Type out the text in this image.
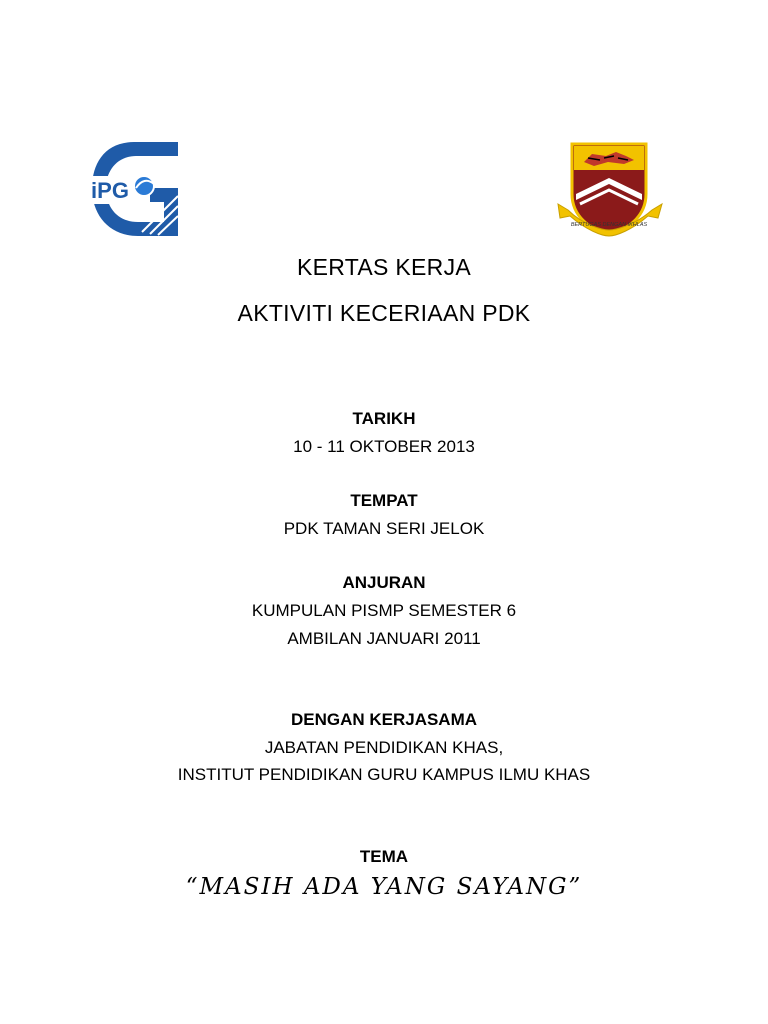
iPG
BERTUGAS DENGAN IKHLAS
KERTAS KERJA
AKTIVITI KECERIAAN PDK
TARIKH
10 - 11 OKTOBER 2013
TEMPAT
PDK TAMAN SERI JELOK
ANJURAN
KUMPULAN PISMP SEMESTER 6
AMBILAN JANUARI 2011
DENGAN KERJASAMA
JABATAN PENDIDIKAN KHAS,
INSTITUT PENDIDIKAN GURU KAMPUS ILMU KHAS
TEMA
“MASIH ADA YANG SAYANG”
